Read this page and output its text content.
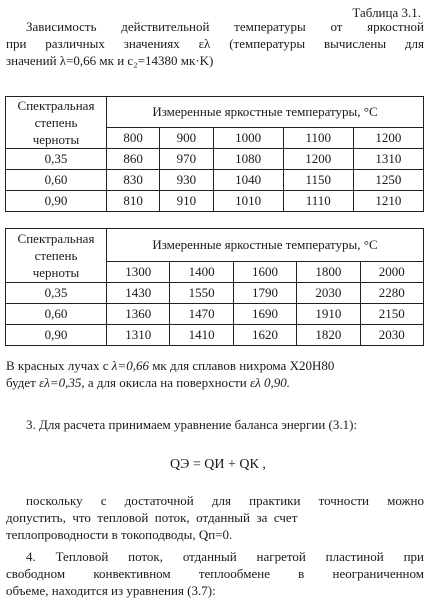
Таблица 3.1.
Зависимость действительной температуры от яркостной
при различных значениях ελ (температуры вычислены для
значений λ=0,66 мк и c₂=14380 мк·K)
Спектральная
степень
черноты	Измеренные яркостные температуры, °С				
	800	900	1000	1100	1200
0,35	860	970	1080	1200	1310
0,60	830	930	1040	1150	1250
0,90	810	910	1010	1110	1210
Спектральная
степень
черноты	Измеренные яркостные температуры, °С				
	1300	1400	1600	1800	2000
0,35	1430	1550	1790	2030	2280
0,60	1360	1470	1690	1910	2150
0,90	1310	1410	1620	1820	2030
В красных лучах с λ=0,66 мк для сплавов нихрома Х20Н80
будет ελ=0,35, а для окисла на поверхности ελ 0,90.
3. Для расчета принимаем уравнение баланса энергии (3.1):
QЭ = QИ + QК ,
поскольку с достаточной для практики точности можно
допустить,  что  тепловой  поток,  отданный  за  счет
теплопроводности в токоподводы, Qп=0.
4. Тепловой поток, отданный нагретой пластиной при
свободном конвективном теплообмене в неограниченном
объеме, находится из уравнения (3.7):
